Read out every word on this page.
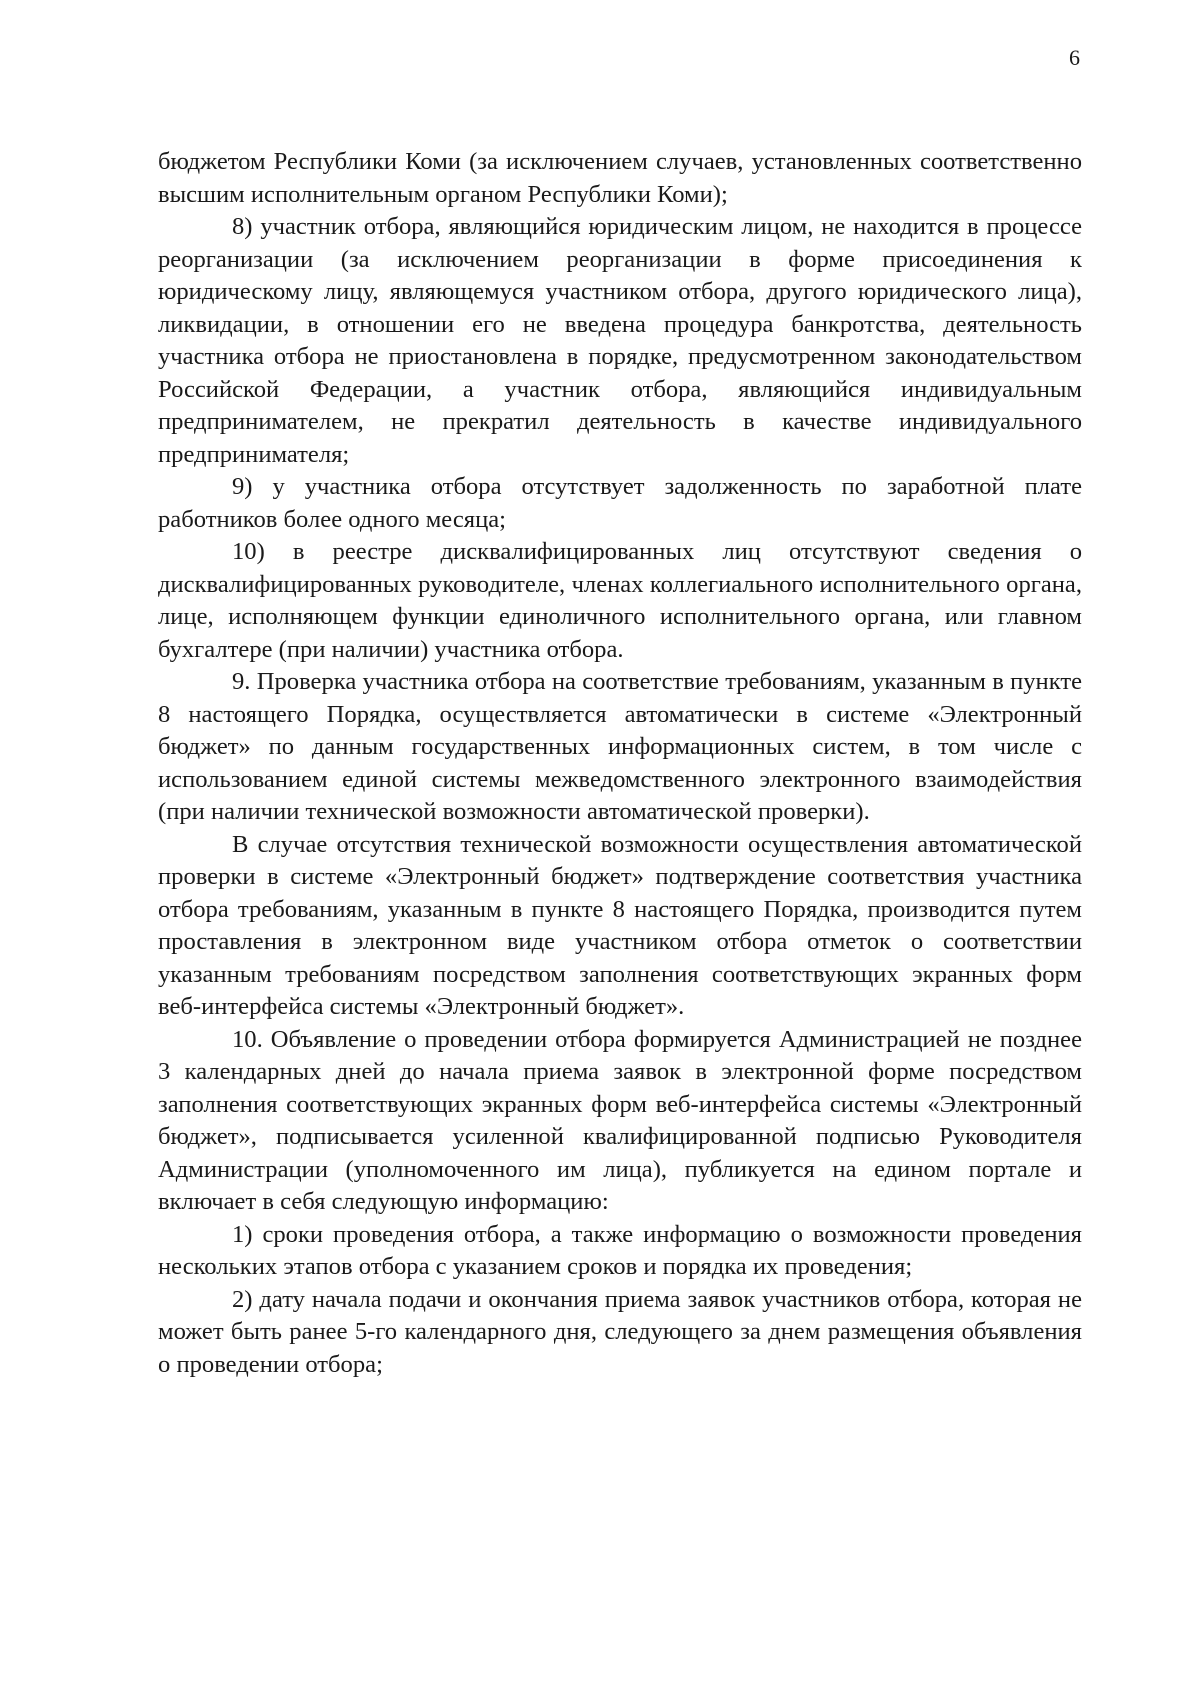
6

бюджетом Республики Коми (за исключением случаев, установленных соответственно высшим исполнительным органом Республики Коми);

8) участник отбора, являющийся юридическим лицом, не находится в процессе реорганизации (за исключением реорганизации в форме присоединения к юридическому лицу, являющемуся участником отбора, другого юридического лица), ликвидации, в отношении его не введена процедура банкротства, деятельность участника отбора не приостановлена в порядке, предусмотренном законодательством Российской Федерации, а участник отбора, являющийся индивидуальным предпринимателем, не прекратил деятельность в качестве индивидуального предпринимателя;

9) у участника отбора отсутствует задолженность по заработной плате работников более одного месяца;

10) в реестре дисквалифицированных лиц отсутствуют сведения о дисквалифицированных руководителе, членах коллегиального исполнительного органа, лице, исполняющем функции единоличного исполнительного органа, или главном бухгалтере (при наличии) участника отбора.

9. Проверка участника отбора на соответствие требованиям, указанным в пункте 8 настоящего Порядка, осуществляется автоматически в системе «Электронный бюджет» по данным государственных информационных систем, в том числе с использованием единой системы межведомственного электронного взаимодействия (при наличии технической возможности автоматической проверки).

В случае отсутствия технической возможности осуществления автоматической проверки в системе «Электронный бюджет» подтверждение соответствия участника отбора требованиям, указанным в пункте 8 настоящего Порядка, производится путем проставления в электронном виде участником отбора отметок о соответствии указанным требованиям посредством заполнения соответствующих экранных форм веб-интерфейса системы «Электронный бюджет».

10. Объявление о проведении отбора формируется Администрацией не позднее 3 календарных дней до начала приема заявок в электронной форме посредством заполнения соответствующих экранных форм веб-интерфейса системы «Электронный бюджет», подписывается усиленной квалифицированной подписью Руководителя Администрации (уполномоченного им лица), публикуется на едином портале и включает в себя следующую информацию:

1) сроки проведения отбора, а также информацию о возможности проведения нескольких этапов отбора с указанием сроков и порядка их проведения;

2) дату начала подачи и окончания приема заявок участников отбора, которая не может быть ранее 5-го календарного дня, следующего за днем размещения объявления о проведении отбора;
